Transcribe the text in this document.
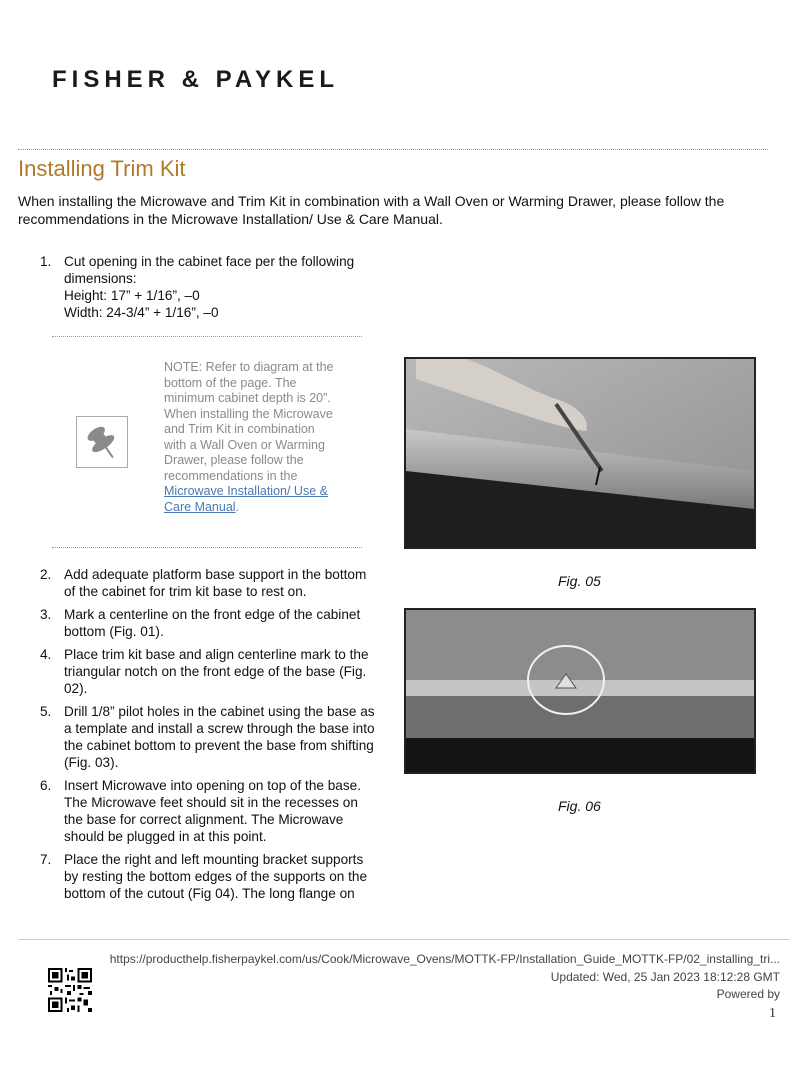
FISHER & PAYKEL
Installing Trim Kit
When installing the Microwave and Trim Kit in combination with a Wall Oven or Warming Drawer, please follow the recommendations in the Microwave Installation/ Use & Care Manual.
1. Cut opening in the cabinet face per the following
dimensions:
Height: 17” + 1/16”, –0
Width: 24-3/4” + 1/16”, –0
NOTE: Refer to diagram at the bottom of the page. The minimum cabinet depth is 20”. When installing the Microwave and Trim Kit in combination with a Wall Oven or Warming Drawer, please follow the recommendations in the Microwave Installation/ Use & Care Manual.
2. Add adequate platform base support in the bottom of the cabinet for trim kit base to rest on.
3. Mark a centerline on the front edge of the cabinet bottom (Fig. 01).
4. Place trim kit base and align centerline mark to the triangular notch on the front edge of the base (Fig. 02).
5. Drill 1/8” pilot holes in the cabinet using the base as a template and install a screw through the base into the cabinet bottom to prevent the base from shifting (Fig. 03).
6. Insert Microwave into opening on top of the base. The Microwave feet should sit in the recesses on the base for correct alignment. The Microwave should be plugged in at this point.
7. Place the right and left mounting bracket supports by resting the bottom edges of the supports on the bottom of the cutout (Fig 04). The long flange on
Fig. 05
Fig. 06
https://producthelp.fisherpaykel.com/us/Cook/Microwave_Ovens/MOTTK-FP/Installation_Guide_MOTTK-FP/02_installing_tri...
Updated: Wed, 25 Jan 2023 18:12:28 GMT
Powered by
1
